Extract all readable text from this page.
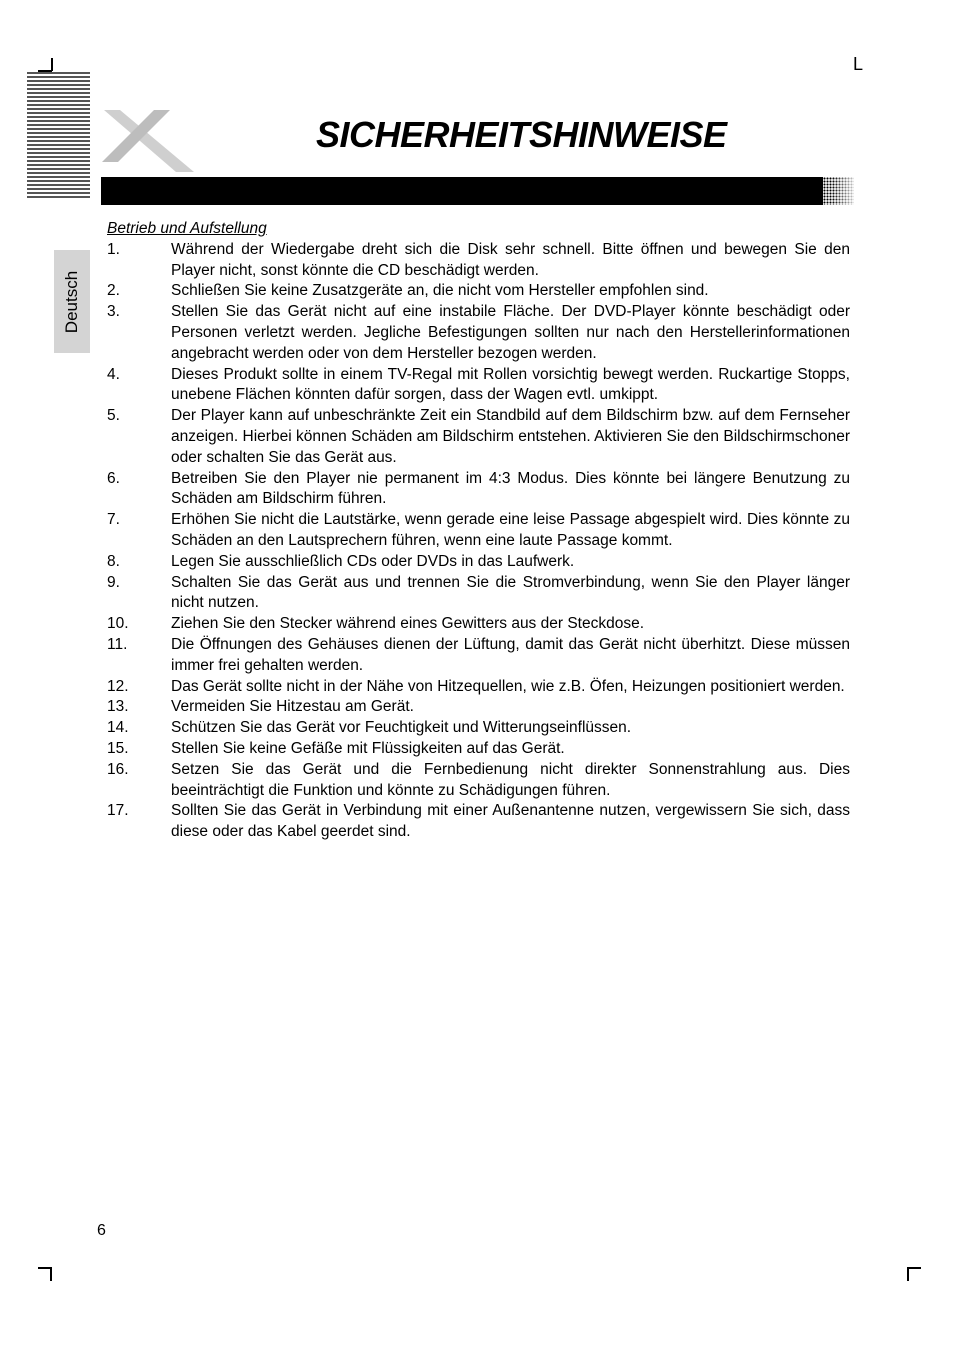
L
SICHERHEITSHINWEISE
Deutsch
Betrieb und Aufstellung
1.	Während der Wiedergabe dreht sich die Disk sehr schnell. Bitte öffnen und bewegen Sie den Player nicht, sonst könnte die CD beschädigt werden.
2.	Schließen Sie keine Zusatzgeräte an, die nicht vom Hersteller empfohlen sind.
3.	Stellen Sie das Gerät nicht auf eine instabile Fläche. Der DVD-Player könnte beschädigt oder Personen verletzt werden. Jegliche Befestigungen sollten nur nach den Herstellerinformationen angebracht werden oder von dem Hersteller bezogen werden.
4.	Dieses Produkt sollte in einem TV-Regal mit Rollen vorsichtig bewegt werden. Ruckartige Stopps, unebene Flächen könnten dafür sorgen, dass der Wagen evtl. umkippt.
5.	Der Player kann auf unbeschränkte Zeit ein Standbild auf dem Bildschirm bzw. auf dem Fernseher anzeigen. Hierbei können Schäden am Bildschirm entstehen. Aktivieren Sie den Bildschirmschoner oder schalten Sie das Gerät aus.
6.	Betreiben Sie den Player nie permanent im 4:3 Modus. Dies könnte bei längere Benutzung zu Schäden am Bildschirm führen.
7.	Erhöhen Sie nicht die Lautstärke, wenn gerade eine leise Passage abgespielt wird. Dies könnte zu Schäden an den Lautsprechern führen, wenn eine laute Passage kommt.
8.	Legen Sie ausschließlich CDs oder DVDs in das Laufwerk.
9.	Schalten Sie das Gerät aus und trennen Sie die Stromverbindung, wenn Sie den Player länger nicht nutzen.
10.	Ziehen Sie den Stecker während eines Gewitters aus der Steckdose.
11.	Die Öffnungen des Gehäuses dienen der Lüftung, damit das Gerät nicht überhitzt. Diese müssen immer frei gehalten werden.
12.	Das Gerät sollte nicht in der Nähe von Hitzequellen, wie z.B. Öfen, Heizungen positioniert werden.
13.	Vermeiden Sie Hitzestau am Gerät.
14.	Schützen Sie das Gerät vor Feuchtigkeit und Witterungseinflüssen.
15.	Stellen Sie keine Gefäße mit Flüssigkeiten auf das Gerät.
16.	Setzen Sie das Gerät und die Fernbedienung nicht direkter Sonnenstrahlung aus. Dies beeinträchtigt die Funktion und könnte zu Schädigungen führen.
17.	Sollten Sie das Gerät in Verbindung mit einer Außenantenne nutzen, vergewissern Sie sich, dass diese oder das Kabel geerdet sind.
6
